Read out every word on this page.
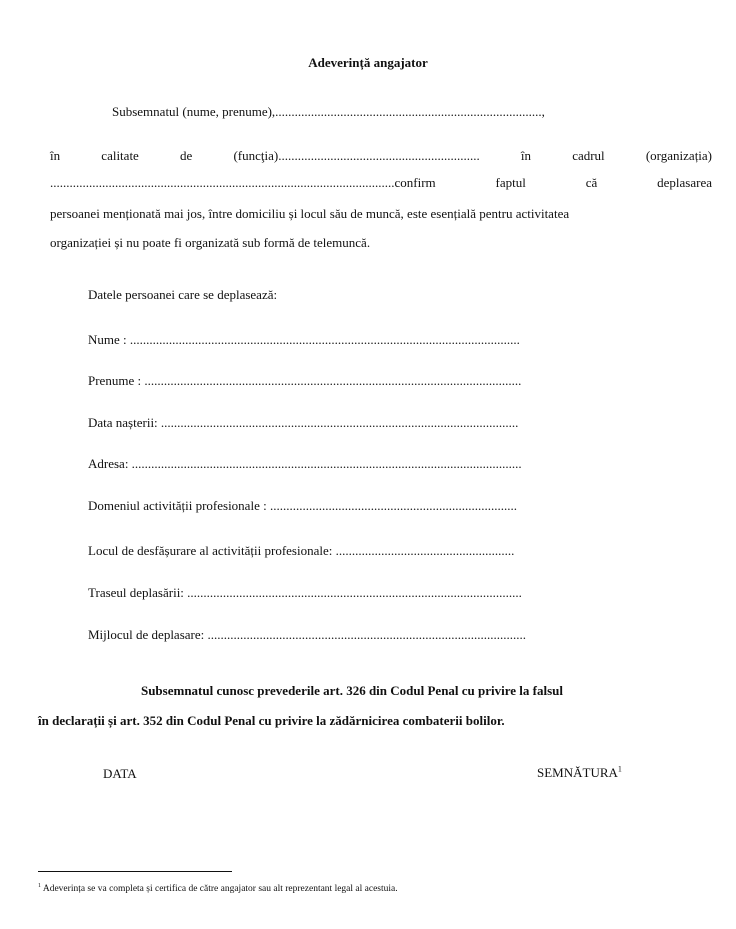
Adeverință angajator
Subsemnatul (nume, prenume),..................................................................................,
în	calitate	de	(funcţia)..............................................................	în	cadrul	(organizația)
..........................................................................................................confirm	faptul	că	deplasarea
persoanei menționată mai jos, între domiciliu și locul său de muncă, este esențială pentru activitatea
organizației și nu poate fi organizată sub formă de telemuncă.
Datele persoanei care se deplasează:
Nume : ........................................................................................................................
Prenume : ....................................................................................................................
Data nașterii: ..............................................................................................................
Adresa: ........................................................................................................................
Domeniul activității profesionale : ............................................................................
Locul de desfășurare al activității profesionale: .......................................................
Traseul deplasării: .......................................................................................................
Mijlocul de deplasare: ..................................................................................................
Subsemnatul cunosc prevederile art. 326 din Codul Penal cu privire la falsul
în declarații și art. 352 din Codul Penal cu privire la zădărnicirea combaterii bolilor.
DATA	SEMNĂTURA$^1$
$^1$ Adeverința se va completa și certifica de către angajator sau alt reprezentant legal al acestuia.
